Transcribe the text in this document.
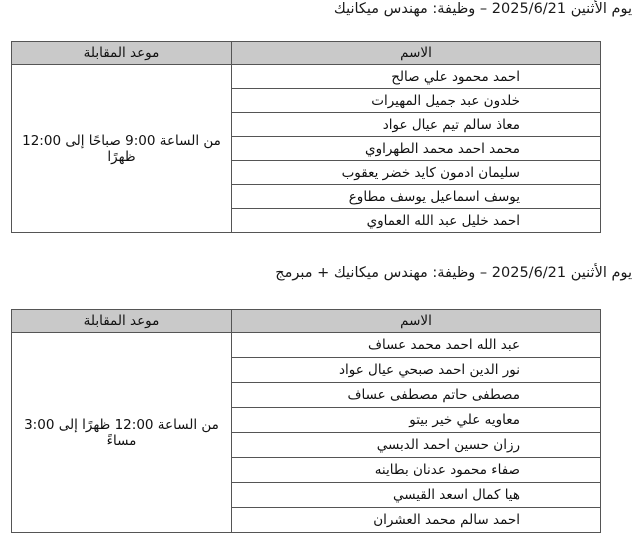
يوم الأثنين 2025/6/21 – وظيفة: مهندس ميكانيك
الاسم	موعد المقابلة
احمد محمود علي صالح	من الساعة 9:00 صباحًا إلى 12:00 ظهرًا
خلدون عبد جميل المهيرات	
معاذ سالم تيم عيال عواد	
محمد احمد محمد الطهراوي	
سليمان ادمون كايد خضر يعقوب	
يوسف اسماعيل يوسف مطاوع	
احمد خليل عبد الله العماوي	
يوم الأثنين 2025/6/21 – وظيفة: مهندس ميكانيك + مبرمج
الاسم	موعد المقابلة
عبد الله احمد محمد عساف	من الساعة 12:00 ظهرًا إلى 3:00 مساءً
نور الدين احمد صبحي عيال عواد	
مصطفى حاتم مصطفى عساف	
معاويه علي خير بيتو	
رزان حسين احمد الدبسي	
صفاء محمود عدنان بطاينه	
هيا كمال اسعد القيسي	
احمد سالم محمد العشران	
